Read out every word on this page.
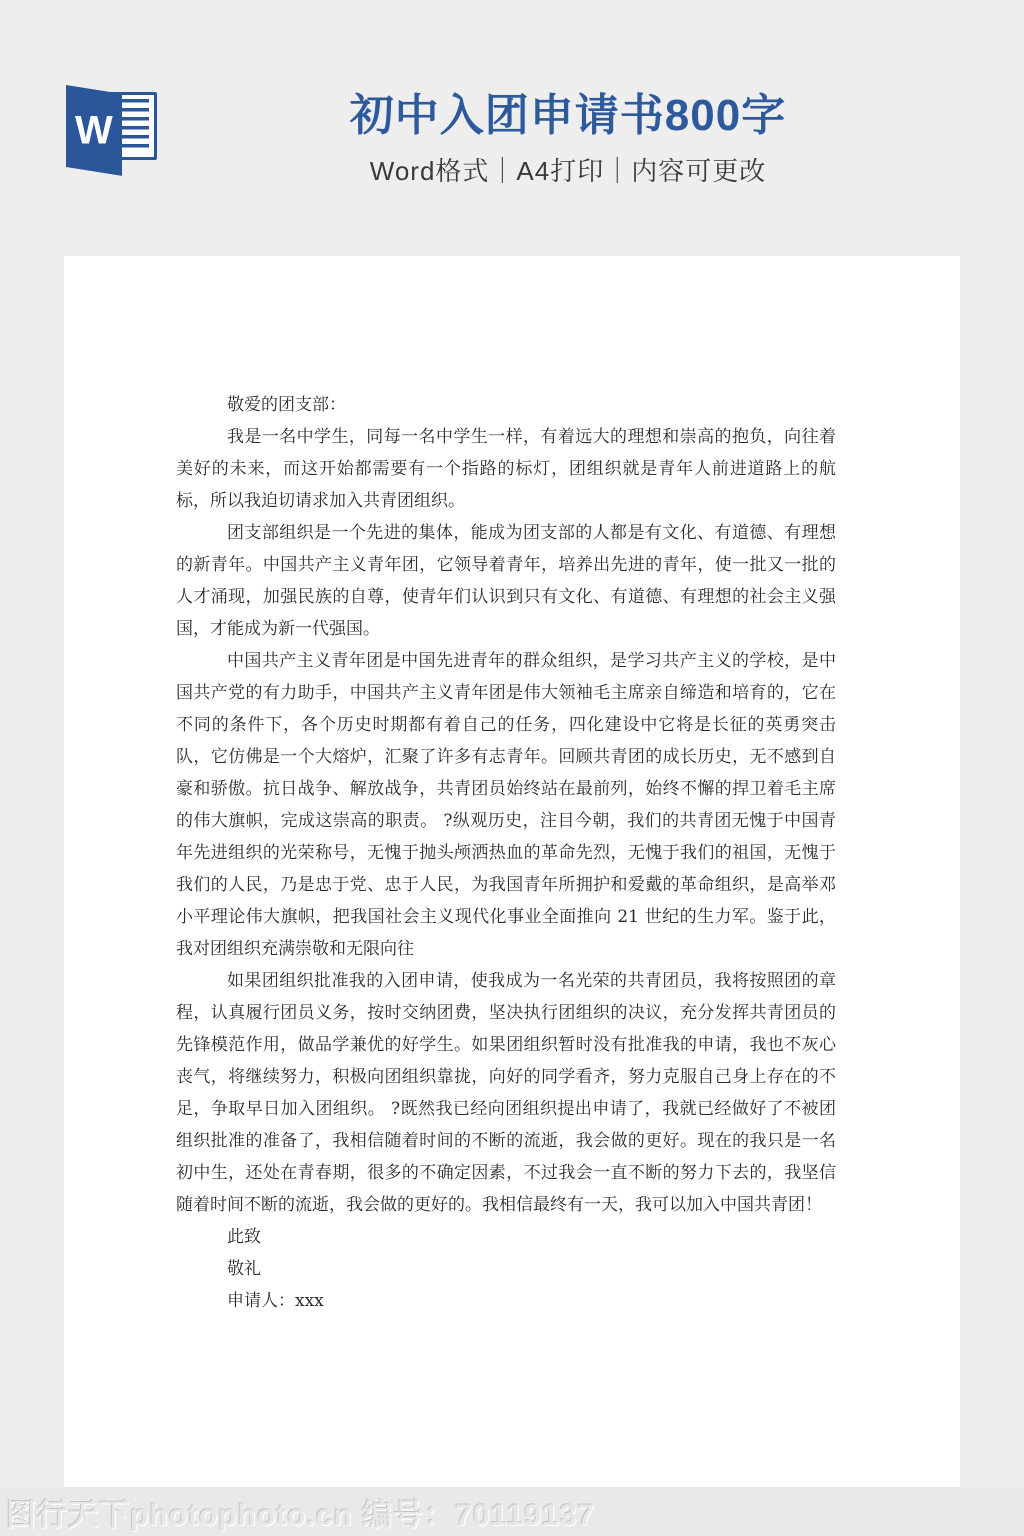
W	初中入团申请书800字
Word格式｜A4打印｜内容可更改

敬爱的团支部：

我是一名中学生，同每一名中学生一样，有着远大的理想和崇高的抱负，向往着美好的未来，而这开始都需要有一个指路的标灯，团组织就是青年人前进道路上的航标，所以我迫切请求加入共青团组织。

团支部组织是一个先进的集体，能成为团支部的人都是有文化、有道德、有理想的新青年。中国共产主义青年团，它领导着青年，培养出先进的青年，使一批又一批的人才涌现，加强民族的自尊，使青年们认识到只有文化、有道德、有理想的社会主义强国，才能成为新一代强国。

中国共产主义青年团是中国先进青年的群众组织，是学习共产主义的学校，是中国共产党的有力助手，中国共产主义青年团是伟大领袖毛主席亲自缔造和培育的，它在不同的条件下，各个历史时期都有着自己的任务，四化建设中它将是长征的英勇突击队，它仿佛是一个大熔炉，汇聚了许多有志青年。回顾共青团的成长历史，无不感到自豪和骄傲。抗日战争、解放战争，共青团员始终站在最前列，始终不懈的捍卫着毛主席的伟大旗帜，完成这崇高的职责。 ?纵观历史，注目今朝，我们的共青团无愧于中国青年先进组织的光荣称号，无愧于抛头颅洒热血的革命先烈，无愧于我们的祖国，无愧于我们的人民，乃是忠于党、忠于人民，为我国青年所拥护和爱戴的革命组织，是高举邓小平理论伟大旗帜，把我国社会主义现代化事业全面推向 21 世纪的生力军。鉴于此，我对团组织充满崇敬和无限向往

如果团组织批准我的入团申请，使我成为一名光荣的共青团员，我将按照团的章程，认真履行团员义务，按时交纳团费，坚决执行团组织的决议，充分发挥共青团员的先锋模范作用，做品学兼优的好学生。如果团组织暂时没有批准我的申请，我也不灰心丧气，将继续努力，积极向团组织靠拢，向好的同学看齐，努力克服自己身上存在的不足，争取早日加入团组织。 ?既然我已经向团组织提出申请了，我就已经做好了不被团组织批准的准备了，我相信随着时间的不断的流逝，我会做的更好。现在的我只是一名初中生，还处在青春期，很多的不确定因素，不过我会一直不断的努力下去的，我坚信随着时间不断的流逝，我会做的更好的。我相信最终有一天，我可以加入中国共青团！

此致

敬礼

申请人：xxx

图行天下photophoto.cn 编号：70119137
